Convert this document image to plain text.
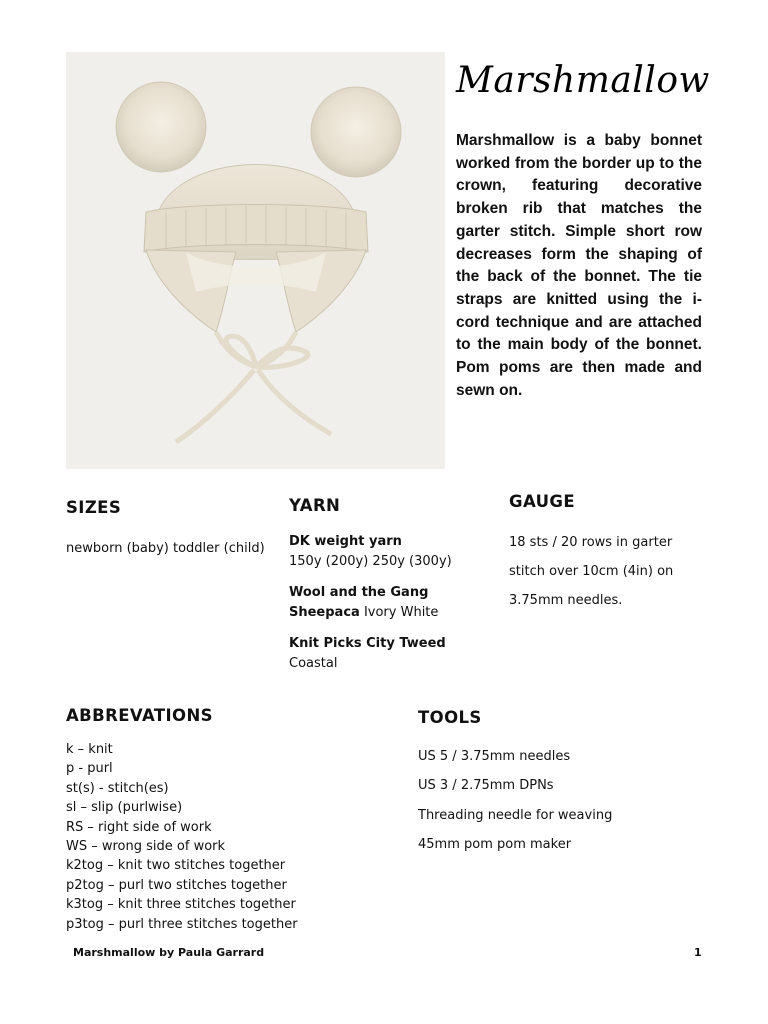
Marshmallow

Marshmallow is a baby bonnet worked from the border up to the crown, featuring decorative broken rib that matches the garter stitch. Simple short row decreases form the shaping of the back of the bonnet. The tie straps are knitted using the i-cord technique and are attached to the main body of the bonnet. Pom poms are then made and sewn on.

SIZES
newborn (baby) toddler (child)
YARN
DK weight yarn
150y (200y) 250y (300y)
Wool and the Gang Sheepaca Ivory White
Knit Picks City Tweed
Coastal
GAUGE
18 sts / 20 rows in garter stitch over 10cm (4in) on 3.75mm needles.
ABBREVATIONS
k – knit
p - purl
st(s) - stitch(es)
sl – slip (purlwise)
RS – right side of work
WS – wrong side of work
k2tog – knit two stitches together
p2tog – purl two stitches together
k3tog – knit three stitches together
p3tog – purl three stitches together
TOOLS
US 5 / 3.75mm needles
US 3 / 2.75mm DPNs
Threading needle for weaving
45mm pom pom maker
Marshmallow by Paula Garrard	1
